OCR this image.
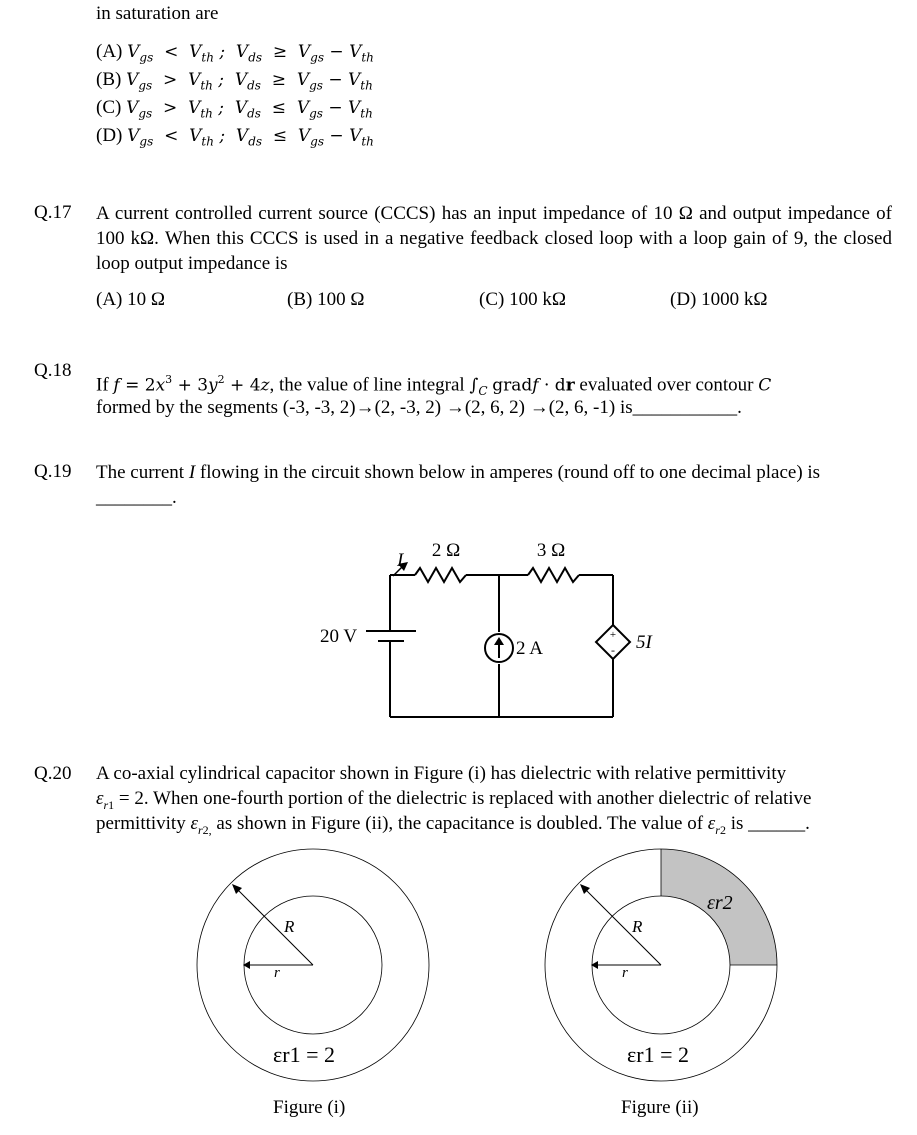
in saturation are
(A) $V_{gs} < V_{th}$ ;  $V_{ds} \ge V_{gs} - V_{th}$
(B) $V_{gs} > V_{th}$ ;  $V_{ds} \ge V_{gs} - V_{th}$
(C) $V_{gs} > V_{th}$ ;  $V_{ds} \le V_{gs} - V_{th}$
(D) $V_{gs} < V_{th}$ ;  $V_{ds} \le V_{gs} - V_{th}$
Q.17 A current controlled current source (CCCS) has an input impedance of 10 Ω and output impedance of 100 kΩ. When this CCCS is used in a negative feedback closed loop with a loop gain of 9, the closed loop output impedance is
(A) 10 Ω	(B) 100 Ω	(C) 100 kΩ	(D) 1000 kΩ
Q.18
If $f = 2x^3 + 3y^2 + 4z$, the value of line integral $\int_C$ gradf · dr evaluated over contour C
formed by the segments (-3, -3, 2)→(2, -3, 2) →(2, 6, 2) →(2, 6, -1) is___________.
Q.19 The current I flowing in the circuit shown below in amperes (round off to one decimal place) is ________.
+
-
I 2 Ω	3 Ω
20 V
2 A	5I
Q.20 A co-axial cylindrical capacitor shown in Figure (i) has dielectric with relative permittivity
$\varepsilon_{r1} = 2$. When one-fourth portion of the dielectric is replaced with another dielectric of relative
permittivity $\varepsilon_{r2,}$ as shown in Figure (ii), the capacitance is doubled. The value of $\varepsilon_{r2}$ is ______.
R
r
εr1 = 2
Figure (i)
R
r
εr2
εr1 = 2
Figure (ii)
